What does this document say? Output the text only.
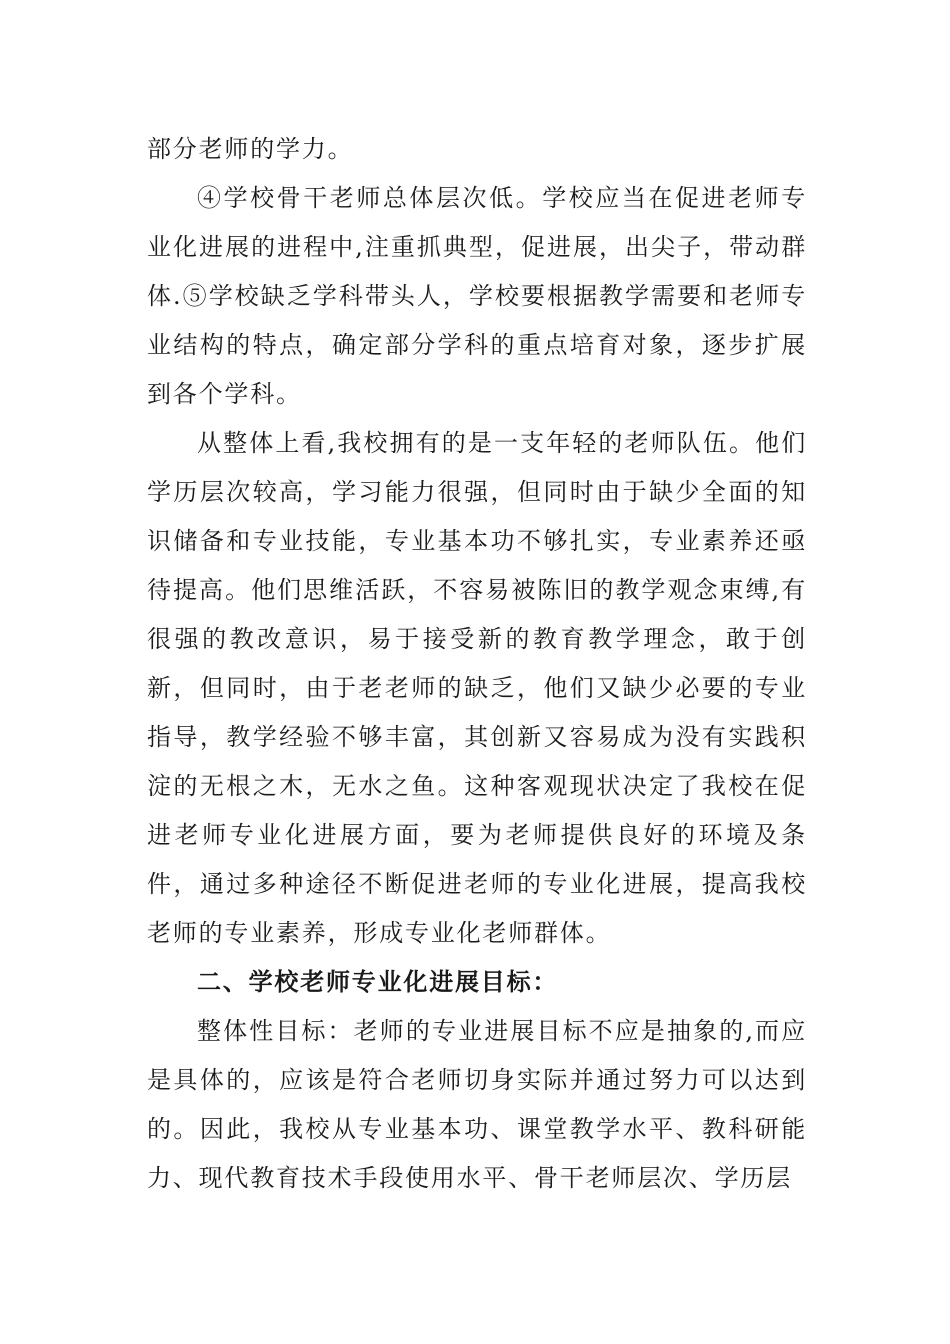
部分老师的学力。

④学校骨干老师总体层次低。学校应当在促进老师专业化进展的进程中,注重抓典型，促进展，出尖子，带动群体.⑤学校缺乏学科带头人，学校要根据教学需要和老师专业结构的特点，确定部分学科的重点培育对象，逐步扩展到各个学科。

从整体上看,我校拥有的是一支年轻的老师队伍。他们学历层次较高，学习能力很强，但同时由于缺少全面的知识储备和专业技能，专业基本功不够扎实，专业素养还亟待提高。他们思维活跃，不容易被陈旧的教学观念束缚,有很强的教改意识，易于接受新的教育教学理念，敢于创新，但同时，由于老老师的缺乏，他们又缺少必要的专业指导，教学经验不够丰富，其创新又容易成为没有实践积淀的无根之木，无水之鱼。这种客观现状决定了我校在促进老师专业化进展方面，要为老师提供良好的环境及条件，通过多种途径不断促进老师的专业化进展，提高我校老师的专业素养，形成专业化老师群体。

二、学校老师专业化进展目标：

整体性目标：老师的专业进展目标不应是抽象的,而应是具体的，应该是符合老师切身实际并通过努力可以达到的。因此，我校从专业基本功、课堂教学水平、教科研能力、现代教育技术手段使用水平、骨干老师层次、学历层
